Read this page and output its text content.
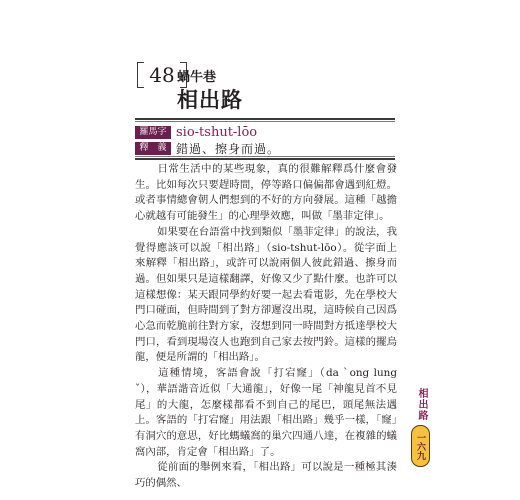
48 蝸牛巷
相出路
羅馬字 sio-tshut-lōo
釋　義 錯過、擦身而過。

日常生活中的某些現象，真的很難解釋爲什麼會發生。比如每次只要趕時間，停等路口偏偏都會遇到紅燈。或者事情總會朝人們想到的不好的方向發展。這種「越擔心就越有可能發生」的心理學效應，叫做「墨菲定律」。

如果要在台語當中找到類似「墨菲定律」的說法，我覺得應該可以說「相出路」（sio-tshut-lōo）。從字面上來解釋「相出路」，或許可以說兩個人彼此錯過、擦身而過。但如果只是這樣翻譯，好像又少了點什麼。也許可以這樣想像：某天跟同學約好要一起去看電影，先在學校大門口碰面，但時間到了對方卻遲沒出現，這時候自己因爲心急而乾脆前往對方家，沒想到同一時間對方抵達學校大門口，看到現場沒人也跑到自己家去按門鈴。這樣的擺烏龍，便是所謂的「相出路」。

這種情境，客語會說「打宕窿」（da ˋong lung ˇ），華語諧音近似「大通龍」，好像一尾「神龍見首不見尾」的大龍，怎麼樣都看不到自己的尾巴，頭尾無法遇上。客語的「打宕窿」用法跟「相出路」幾乎一樣，「窿」有洞穴的意思，好比螞蟻窩的巢穴四通八達，在複雜的蟻窩內部，肯定會「相出路」了。

從前面的舉例來看，「相出路」可以說是一種極其湊巧的偶然、

相出路
一六九
